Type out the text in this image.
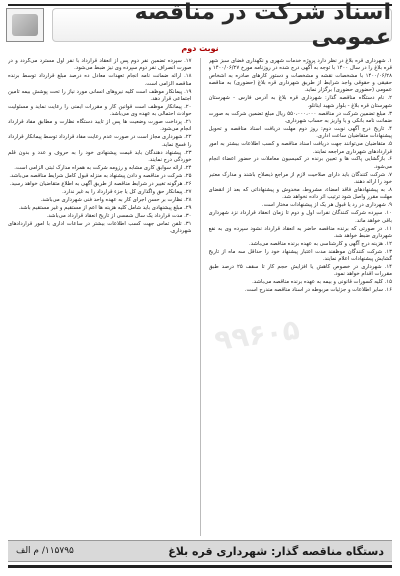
اسناد شرکت در مناقصه عمومی
نوبت دوم

۱. شهرداری قره بلاغ در نظر دارد پروژه خدمات شهری و نگهداری فضای سبز شهر قره بلاغ را در سال ۱۴۰۰ با توجه به آگهی درج شده در روزنامه مورخ ۱۴۰۰/۰۶/۲۷ و ۱۴۰۰/۰۶/۲۸ با مشخصات نقشه و مشخصات و دستور کارهای صادره به اشخاص حقیقی و حقوقی واجد شرایط از طریق شهرداری قره بلاغ (حضوری) به مناقصه عمومی (حضوری حضوری) برگزار نماید.

۲. نام دستگاه مناقصه گذار: شهرداری قره بلاغ به آدرس فارس - شهرستان شهرستان قره بلاغ - بلوار شهید اینانلو.

۳. مبلغ تضمین شرکت در مناقصه ۵۵۰،۰۰۰،۰۰۰ ریال مبلغ تضمین شرکت به صورت ضمانت نامه بانکی و یا واریز به حساب شهرداری.

۴. تاریخ درج آگهی نوبت دوم: روز دوم مهلت دریافت اسناد مناقصه و تحویل پیشنهادات متقاضیان ساعت اداری.

۵. متقاضیان می‌توانند جهت دریافت اسناد مناقصه و کسب اطلاعات بیشتر به امور قراردادهای شهرداری مراجعه نمایند.

۶. بازگشایی پاکت ها و تعیین برنده در کمیسیون معاملات در حضور اعضاء انجام می‌شود.

۷. شرکت کنندگان باید دارای صلاحیت لازم از مراجع ذیصلاح باشند و مدارک معتبر خود را ارائه دهند.

۸. به پیشنهادهای فاقد امضاء، مشروط، مخدوش و پیشنهاداتی که بعد از انقضای مهلت مقرر واصل شود ترتیب اثر داده نخواهد شد.

۹. شهرداری در رد یا قبول هر یک از پیشنهادات مختار است.

۱۰. سپرده شرکت کنندگان نفرات اول و دوم تا زمان انعقاد قرارداد نزد شهرداری باقی خواهد ماند.

۱۱. در صورتی که برنده مناقصه حاضر به انعقاد قرارداد نشود سپرده وی به نفع شهرداری ضبط خواهد شد.

۱۲. هزینه درج آگهی و کارشناسی به عهده برنده مناقصه می‌باشد.

۱۳. شرکت کنندگان موظفند مدت اعتبار پیشنهاد خود را حداقل سه ماه از تاریخ گشایش پیشنهادات اعلام نمایند.

۱۴. شهرداری در خصوص کاهش یا افزایش حجم کار تا سقف ۲۵ درصد طبق مقررات اقدام خواهد نمود.

۱۵. کلیه کسورات قانونی و بیمه به عهده برنده مناقصه می‌باشد.

۱۶. سایر اطلاعات و جزئیات مربوطه در اسناد مناقصه مندرج است.

۱۷. سپرده تضمین نفر دوم پس از انعقاد قرارداد با نفر اول مسترد می‌گردد و در صورت انصراف نفر دوم سپرده وی نیز ضبط می‌شود.

۱۸. ارائه ضمانت نامه انجام تعهدات معادل ده درصد مبلغ قرارداد توسط برنده مناقصه الزامی است.

۱۹. پیمانکار موظف است کلیه نیروهای انسانی مورد نیاز را تحت پوشش بیمه تامین اجتماعی قرار دهد.

۲۰. پیمانکار موظف است قوانین کار و مقررات ایمنی را رعایت نماید و مسئولیت حوادث احتمالی به عهده وی می‌باشد.

۲۱. پرداخت صورت وضعیت ها پس از تایید دستگاه نظارت و مطابق مفاد قرارداد انجام می‌شود.

۲۲. شهرداری مجاز است در صورت عدم رعایت مفاد قرارداد توسط پیمانکار قرارداد را فسخ نماید.

۲۳. پیشنهاد دهندگان باید قیمت پیشنهادی خود را به حروف و عدد و بدون قلم خوردگی درج نمایند.

۲۴. ارائه سوابق کاری مشابه و رزومه شرکت به همراه مدارک ثبتی الزامی است.

۲۵. شرکت در مناقصه و دادن پیشنهاد به منزله قبول کامل شرایط مناقصه می‌باشد.

۲۶. هرگونه تغییر در شرایط مناقصه از طریق آگهی به اطلاع متقاضیان خواهد رسید.

۲۷. پیمانکار حق واگذاری کل یا جزء قرارداد را به غیر ندارد.

۲۸. نظارت بر حسن اجرای کار به عهده واحد فنی شهرداری می‌باشد.

۲۹. مبلغ پیشنهادی باید شامل کلیه هزینه ها اعم از مستقیم و غیر مستقیم باشد.

۳۰. مدت قرارداد یک سال شمسی از تاریخ انعقاد قرارداد می‌باشد.

۳۱. تلفن تماس جهت کسب اطلاعات بیشتر در ساعات اداری با امور قراردادهای شهرداری.

۹۹۶۰۵
دستگاه مناقصه گذار: شهرداری قره بلاغ
۱۱۵۷۹۵/ م الف
